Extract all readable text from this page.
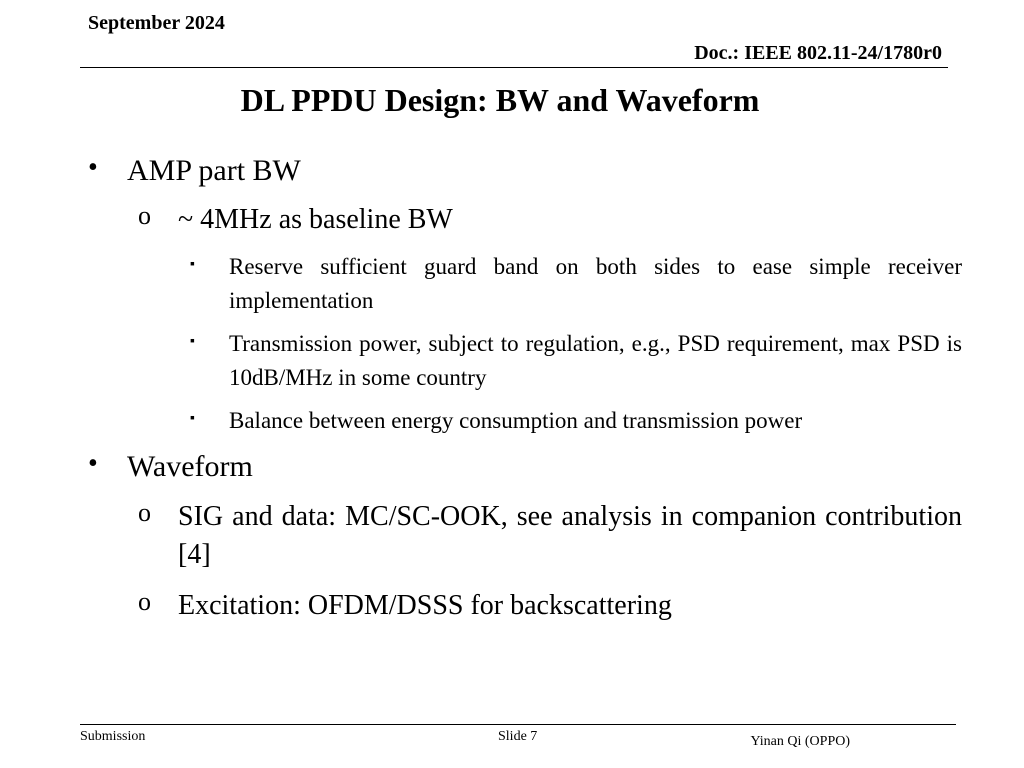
September 2024
Doc.: IEEE 802.11-24/1780r0
DL PPDU Design: BW and Waveform
• AMP part BW
o ~ 4MHz as baseline BW
▪ Reserve sufficient guard band on both sides to ease simple receiver implementation
▪ Transmission power, subject to regulation, e.g., PSD requirement, max PSD is 10dB/MHz in some country
▪ Balance between energy consumption and transmission power
• Waveform
o SIG and data: MC/SC-OOK, see analysis in companion contribution [4]
o Excitation: OFDM/DSSS for backscattering
Submission	Slide 7	Yinan Qi (OPPO)
